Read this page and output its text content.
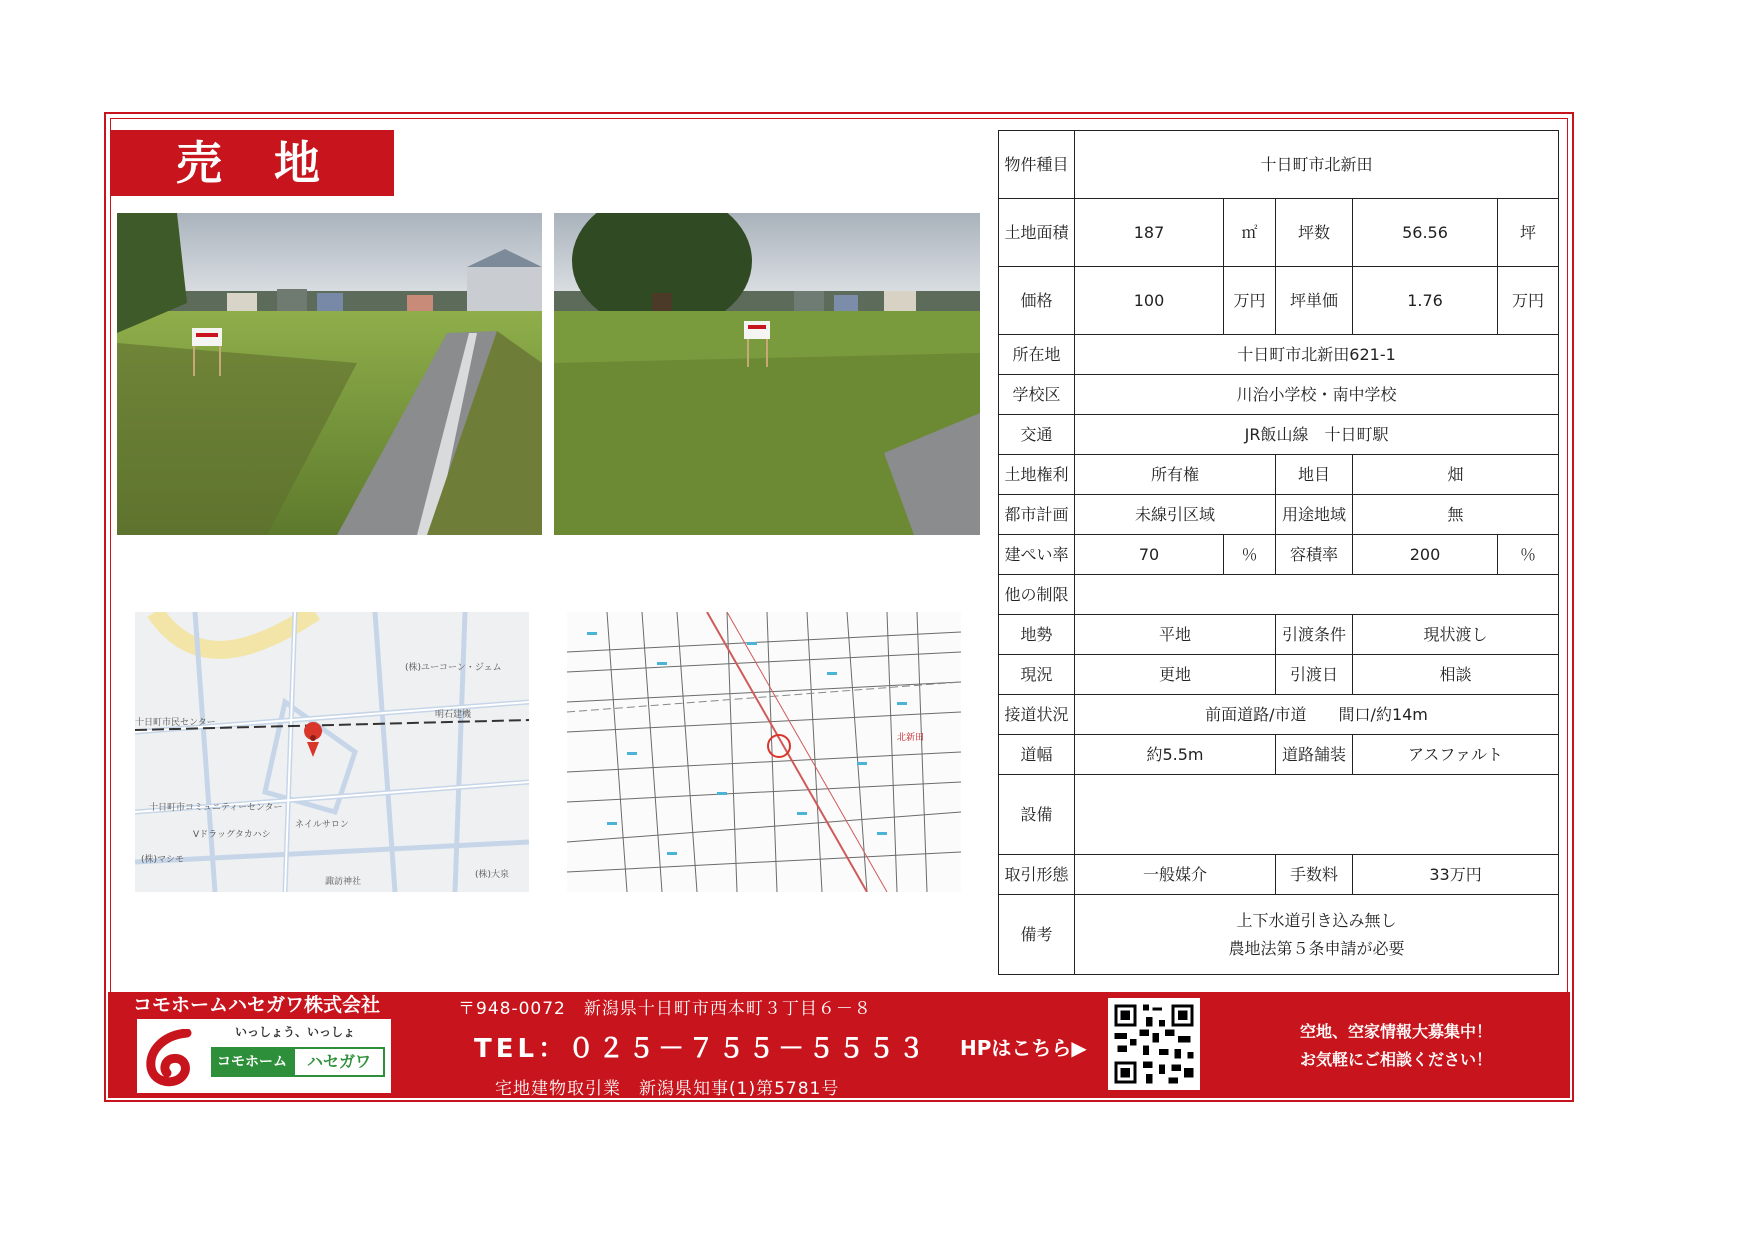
売 地
(株)ユーコーン・ジェム
十日町市民センター
明石建機
十日町市コミュニティーセンター
Vドラッグタカハシ
ネイルサロン
(株)マシモ
諏訪神社
(株)大泉
北新田
物件種目	十日町市北新田				
土地面積	187	㎡	坪数	56.56	坪
価格	100	万円	坪単価	1.76	万円
所在地	十日町市北新田621-1				
学校区	川治小学校・南中学校				
交通	JR飯山線　十日町駅				
土地権利	所有権		地目	畑	
都市計画	未線引区域		用途地域	無	
建ぺい率	70	％	容積率	200	％
他の制限					
地勢	平地		引渡条件	現状渡し	
現況	更地		引渡日	相談	
接道状況	前面道路/市道　　間口/約14m				
道幅	約5.5m		道路舗装	アスファルト	
設備					
取引形態	一般媒介		手数料	33万円	
備考	上下水道引き込み無し
農地法第５条申請が必要				
コモホームハセガワ株式会社
いっしょう、いっしょ
コモホーム	ハセガワ
〒948-0072　新潟県十日町市西本町３丁目６－８
TEL：０２５－７５５－５５５３
宅地建物取引業　新潟県知事(1)第5781号
HPはこちら▶
空地、空家情報大募集中！
お気軽にご相談ください！
